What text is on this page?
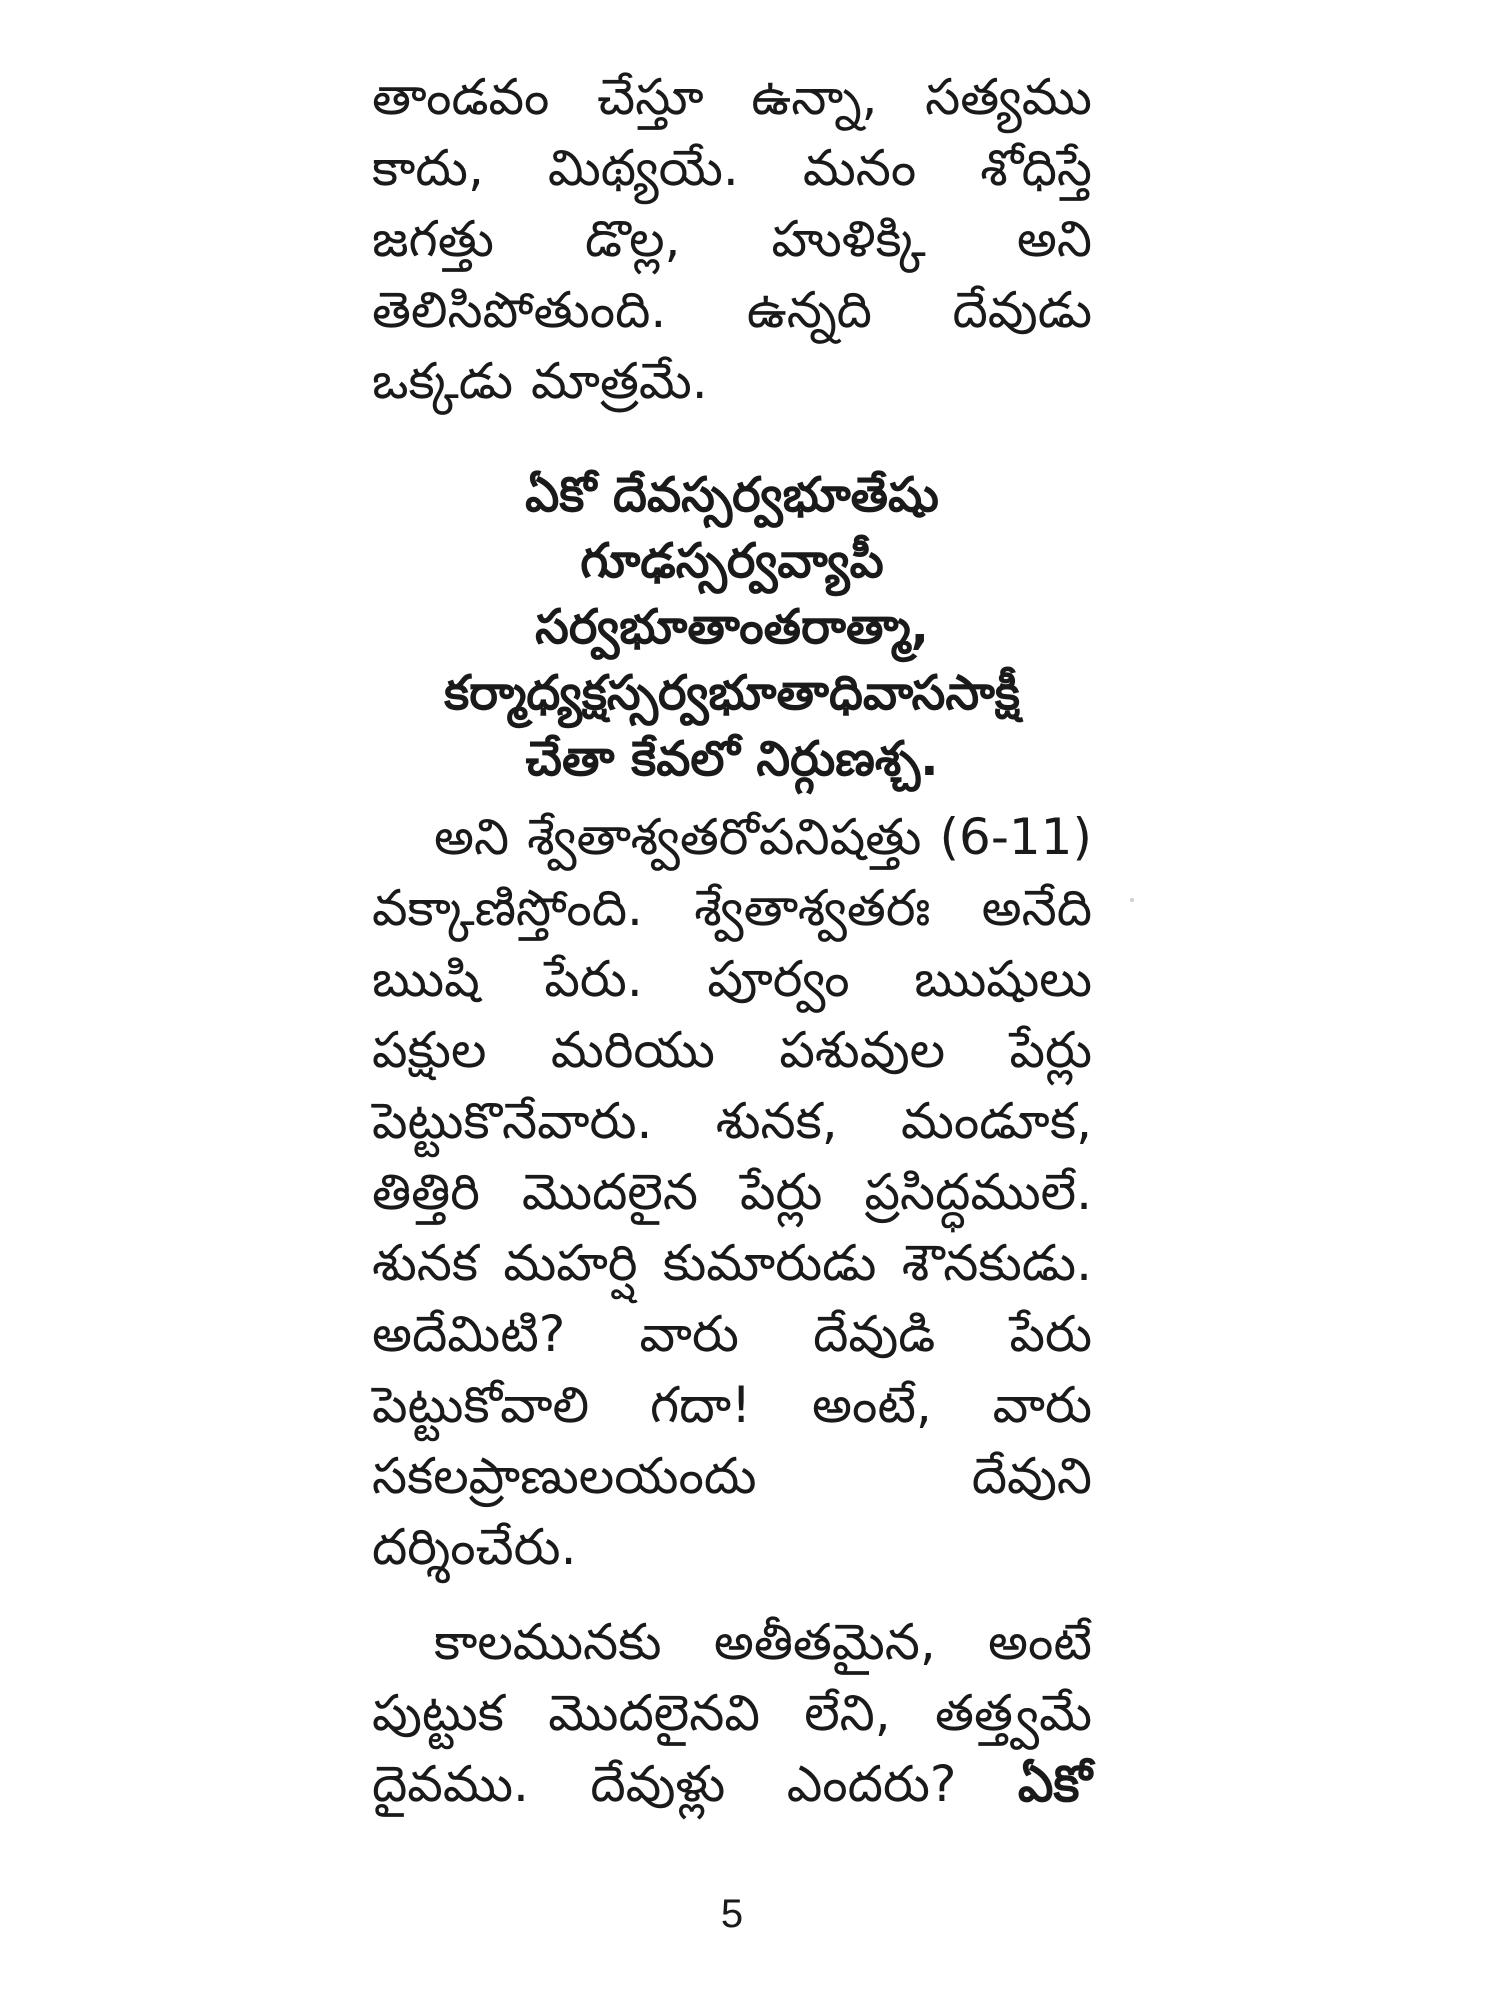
తాండవం చేస్తూ ఉన్నా, సత్యము
కాదు, మిథ్యయే. మనం శోధిస్తే
జగత్తు డొల్ల, హుళిక్కి అని
తెలిసిపోతుంది. ఉన్నది దేవుడు
ఒక్కడు మాత్రమే.
ఏకో దేవస్సర్వభూతేషు
గూఢస్సర్వవ్యాపీ
సర్వభూతాంతరాత్మా,
కర్మాధ్యక్షస్సర్వభూతాధివాససాక్షీ
చేతా కేవలో నిర్గుణశ్చ.
అని శ్వేతాశ్వతరోపనిషత్తు (6-11)
వక్కాణిస్తోంది. శ్వేతాశ్వతరః అనేది
ఋషి పేరు. పూర్వం ఋషులు
పక్షుల మరియు పశువుల పేర్లు
పెట్టుకొనేవారు. శునక, మండూక,
తిత్తిరి మొదలైన పేర్లు ప్రసిద్ధములే.
శునక మహర్షి కుమారుడు శౌనకుడు.
అదేమిటి? వారు దేవుడి పేరు
పెట్టుకోవాలి గదా! అంటే, వారు
సకలప్రాణులయందు దేవుని
దర్శించేరు.
కాలమునకు అతీతమైన, అంటే
పుట్టుక మొదలైనవి లేని, తత్త్వమే
దైవము. దేవుళ్లు ఎందరు? ఏకో
5
